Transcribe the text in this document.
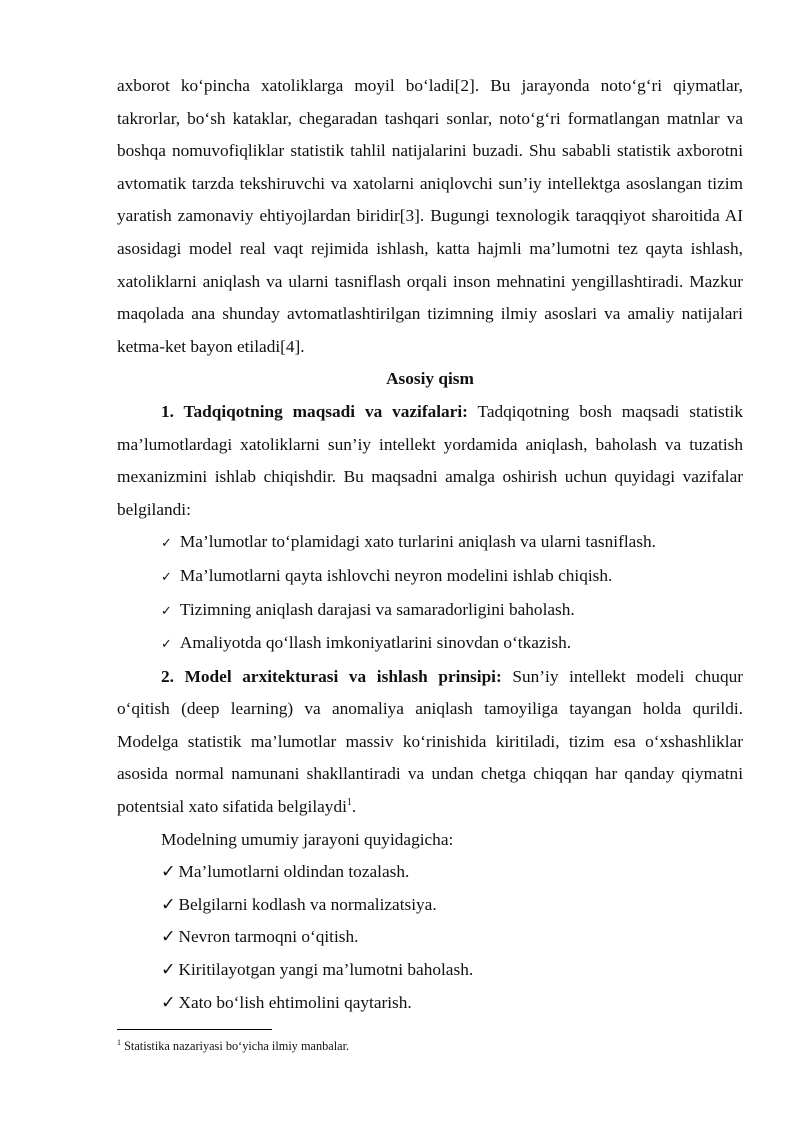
axborot ko‘pincha xatoliklarga moyil bo‘ladi[2]. Bu jarayonda noto‘g‘ri qiymatlar, takrorlar, bo‘sh kataklar, chegaradan tashqari sonlar, noto‘g‘ri formatlangan matnlar va boshqa nomuvofiqliklar statistik tahlil natijalarini buzadi. Shu sababli statistik axborotni avtomatik tarzda tekshiruvchi va xatolarni aniqlovchi sun’iy intellektga asoslangan tizim yaratish zamonaviy ehtiyojlardan biridir[3]. Bugungi texnologik taraqqiyot sharoitida AI asosidagi model real vaqt rejimida ishlash, katta hajmli ma’lumotni tez qayta ishlash, xatoliklarni aniqlash va ularni tasniflash orqali inson mehnatini yengillashtiradi. Mazkur maqolada ana shunday avtomatlashtirilgan tizimning ilmiy asoslari va amaliy natijalari ketma-ket bayon etiladi[4].

Asosiy qism

1. Tadqiqotning maqsadi va vazifalari: Tadqiqotning bosh maqsadi statistik ma’lumotlardagi xatoliklarni sun’iy intellekt yordamida aniqlash, baholash va tuzatish mexanizmini ishlab chiqishdir. Bu maqsadni amalga oshirish uchun quyidagi vazifalar belgilandi:

✓ Ma’lumotlar to‘plamidagi xato turlarini aniqlash va ularni tasniflash.
✓ Ma’lumotlarni qayta ishlovchi neyron modelini ishlab chiqish.
✓ Tizimning aniqlash darajasi va samaradorligini baholash.
✓ Amaliyotda qo‘llash imkoniyatlarini sinovdan o‘tkazish.

2. Model arxitekturasi va ishlash prinsipi: Sun’iy intellekt modeli chuqur o‘qitish (deep learning) va anomaliya aniqlash tamoyiliga tayangan holda qurildi. Modelga statistik ma’lumotlar massiv ko‘rinishida kiritiladi, tizim esa o‘xshashliklar asosida normal namunani shakllantiradi va undan chetga chiqqan har qanday qiymatni potentsial xato sifatida belgilaydi$^1$.

Modelning umumiy jarayoni quyidagicha:

✓ Ma’lumotlarni oldindan tozalash.
✓ Belgilarni kodlash va normalizatsiya.
✓ Nevron tarmoqni o‘qitish.
✓ Kiritilayotgan yangi ma’lumotni baholash.
✓ Xato bo‘lish ehtimolini qaytarish.
$^1$ Statistika nazariyasi bo‘yicha ilmiy manbalar.
